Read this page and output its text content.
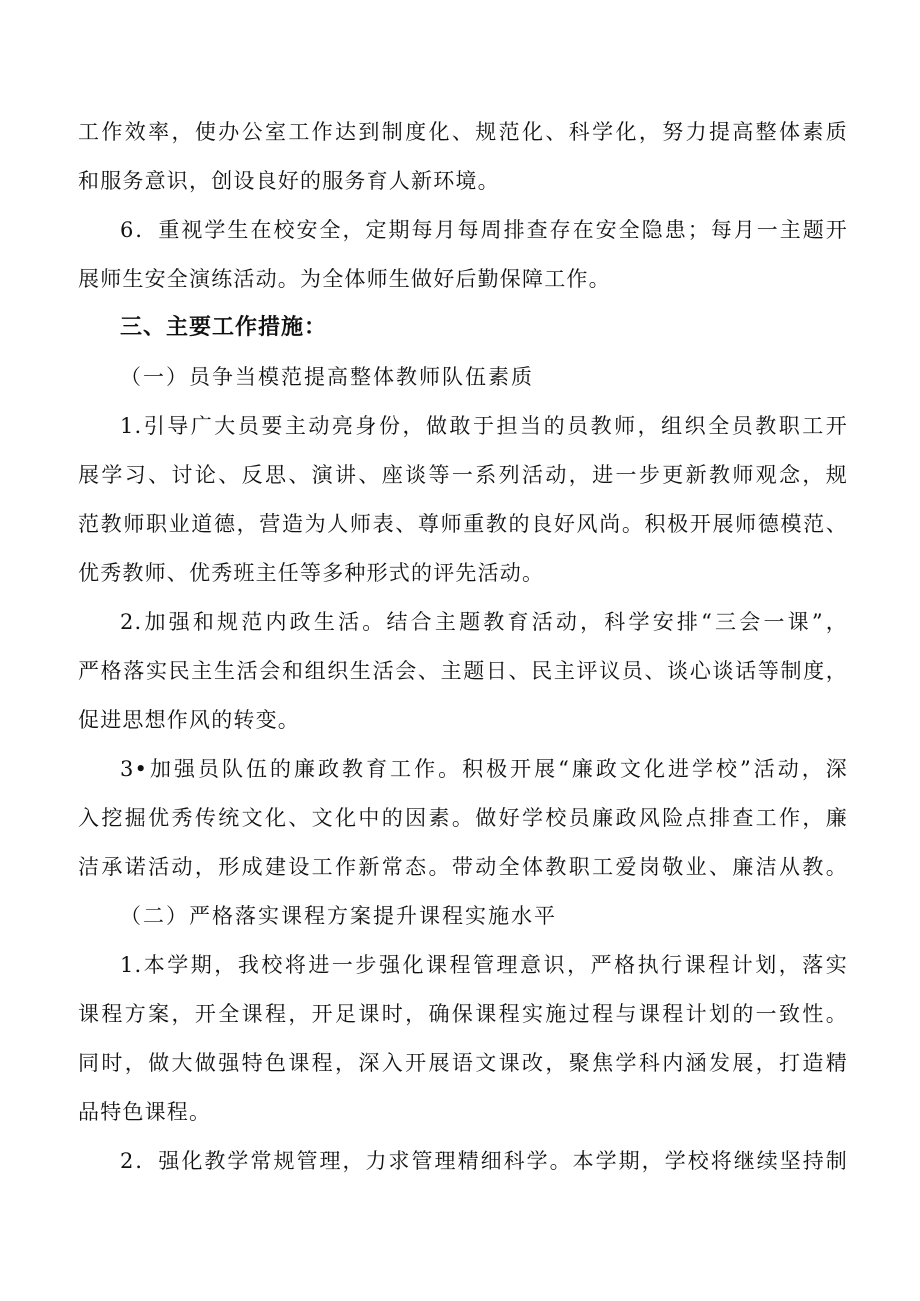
工作效率，使办公室工作达到制度化、规范化、科学化，努力提高整体素质
和服务意识，创设良好的服务育人新环境。
6．重视学生在校安全，定期每月每周排查存在安全隐患；每月一主题开
展师生安全演练活动。为全体师生做好后勤保障工作。
三、主要工作措施：
（一）员争当模范提高整体教师队伍素质
1.引导广大员要主动亮身份，做敢于担当的员教师，组织全员教职工开
展学习、讨论、反思、演讲、座谈等一系列活动，进一步更新教师观念，规
范教师职业道德，营造为人师表、尊师重教的良好风尚。积极开展师德模范、
优秀教师、优秀班主任等多种形式的评先活动。
2.加强和规范内政生活。结合主题教育活动，科学安排“三会一课”，
严格落实民主生活会和组织生活会、主题日、民主评议员、谈心谈话等制度，
促进思想作风的转变。
3•加强员队伍的廉政教育工作。积极开展“廉政文化进学校”活动，深
入挖掘优秀传统文化、文化中的因素。做好学校员廉政风险点排查工作，廉
洁承诺活动，形成建设工作新常态。带动全体教职工爱岗敬业、廉洁从教。
（二）严格落实课程方案提升课程实施水平
1.本学期，我校将进一步强化课程管理意识，严格执行课程计划，落实
课程方案，开全课程，开足课时，确保课程实施过程与课程计划的一致性。
同时，做大做强特色课程，深入开展语文课改，聚焦学科内涵发展，打造精
品特色课程。
2．强化教学常规管理，力求管理精细科学。本学期，学校将继续坚持制
